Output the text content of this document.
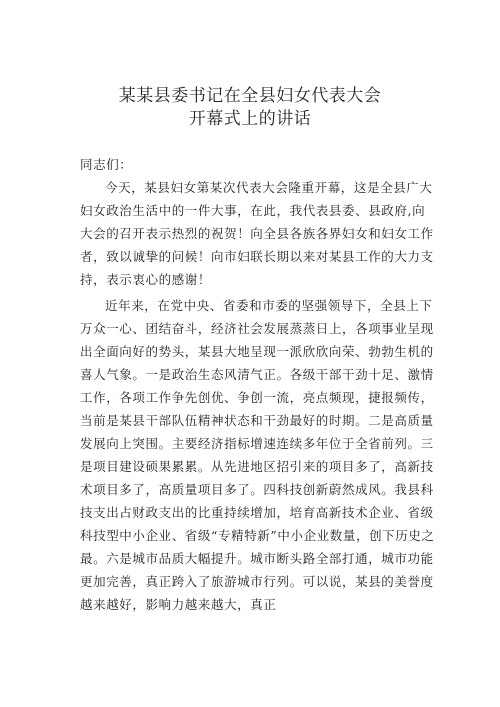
某某县委书记在全县妇女代表大会
开幕式上的讲话

同志们：

今天，某县妇女第某次代表大会隆重开幕，这是全县广大妇女政治生活中的一件大事，在此，我代表县委、县政府,向大会的召开表示热烈的祝贺！向全县各族各界妇女和妇女工作者，致以诚挚的问候！向市妇联长期以来对某县工作的大力支持，表示衷心的感谢！

近年来，在党中央、省委和市委的坚强领导下，全县上下万众一心、团结奋斗，经济社会发展蒸蒸日上，各项事业呈现出全面向好的势头，某县大地呈现一派欣欣向荣、勃勃生机的喜人气象。一是政治生态风清气正。各级干部干劲十足、激情工作，各项工作争先创优、争创一流，亮点频现，捷报频传，当前是某县干部队伍精神状态和干劲最好的时期。二是高质量发展向上突围。主要经济指标增速连续多年位于全省前列。三是项目建设硕果累累。从先进地区招引来的项目多了，高新技术项目多了，高质量项目多了。四科技创新蔚然成风。我县科技支出占财政支出的比重持续增加，培育高新技术企业、省级科技型中小企业、省级“专精特新”中小企业数量，创下历史之最。六是城市品质大幅提升。城市断头路全部打通，城市功能更加完善，真正跨入了旅游城市行列。可以说，某县的美誉度越来越好，影响力越来越大，真正
